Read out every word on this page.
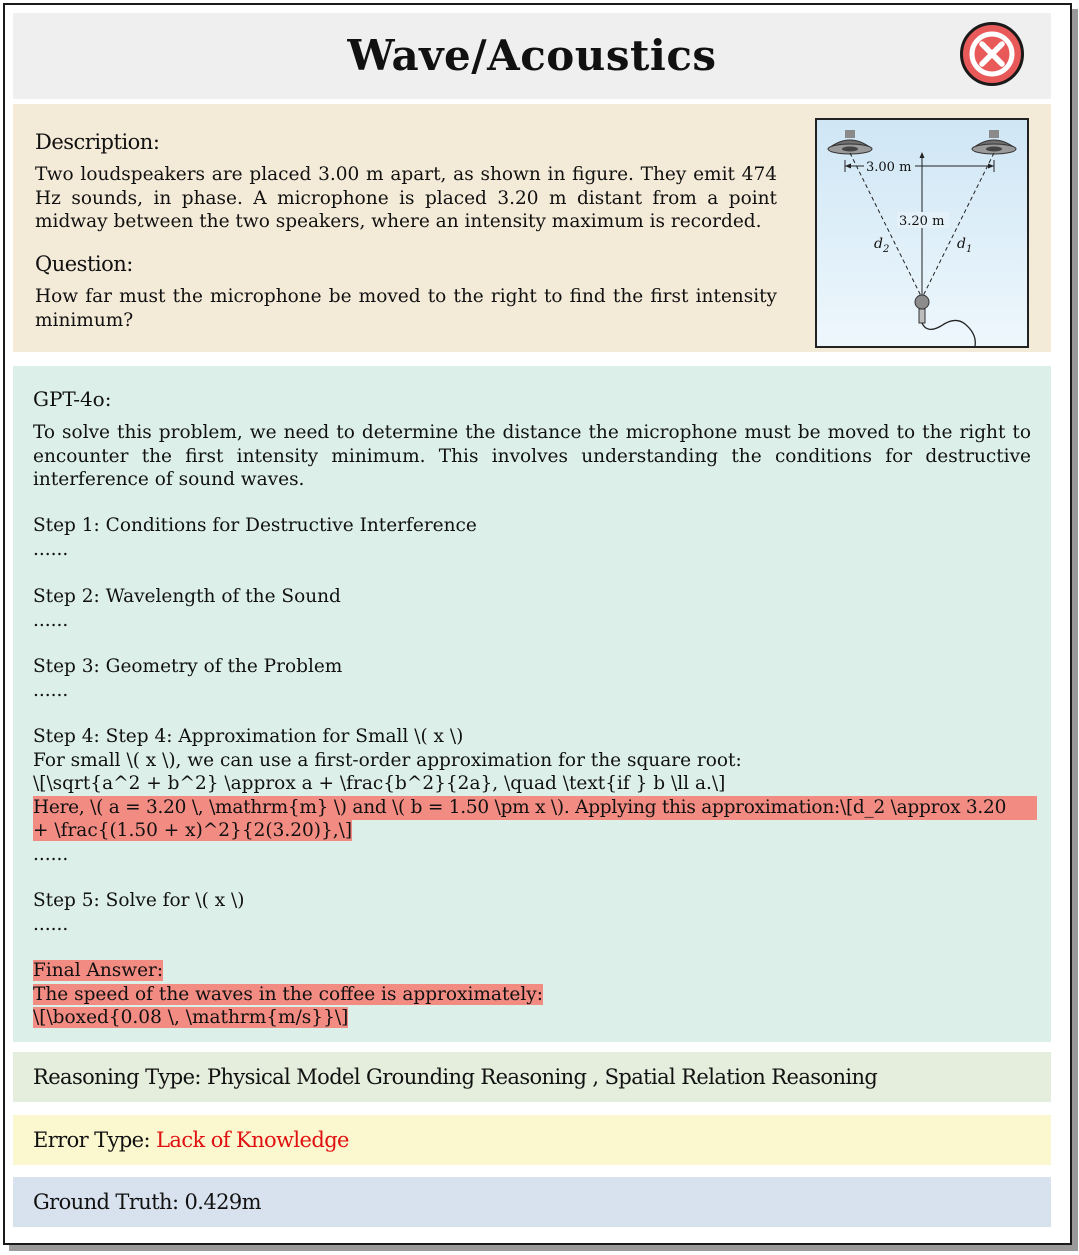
Wave/Acoustics
Description:
Two loudspeakers are placed 3.00 m apart, as shown in figure. They emit 474 Hz sounds, in phase. A microphone is placed 3.20 m distant from a point midway between the two speakers, where an intensity maximum is recorded.
Question:
How far must the microphone be moved to the right to find the first intensity minimum?
3.00 m
3.20 m
$d_2$	$d_1$
GPT-4o:
To solve this problem, we need to determine the distance the microphone must be moved to the right to encounter the first intensity minimum. This involves understanding the conditions for destructive interference of sound waves.
Step 1: Conditions for Destructive Interference
......
Step 2: Wavelength of the Sound
......
Step 3: Geometry of the Problem
......
Step 4: Step 4: Approximation for Small \( x \)
For small \( x \), we can use a first-order approximation for the square root:
\[\sqrt{a^2 + b^2} \approx a + \frac{b^2}{2a}, \quad \text{if } b \ll a.\]
Here, \( a = 3.20 \, \mathrm{m} \) and \( b = 1.50 \pm x \). Applying this approximation:\[d_2 \approx 3.20
+ \frac{(1.50 + x)^2}{2(3.20)},\]
......
Step 5: Solve for \( x \)
......
Final Answer:
The speed of the waves in the coffee is approximately:
\[\boxed{0.08 \, \mathrm{m/s}}\]
Reasoning Type: Physical Model Grounding Reasoning , Spatial Relation Reasoning
Error Type: Lack of Knowledge
Ground Truth: 0.429m
